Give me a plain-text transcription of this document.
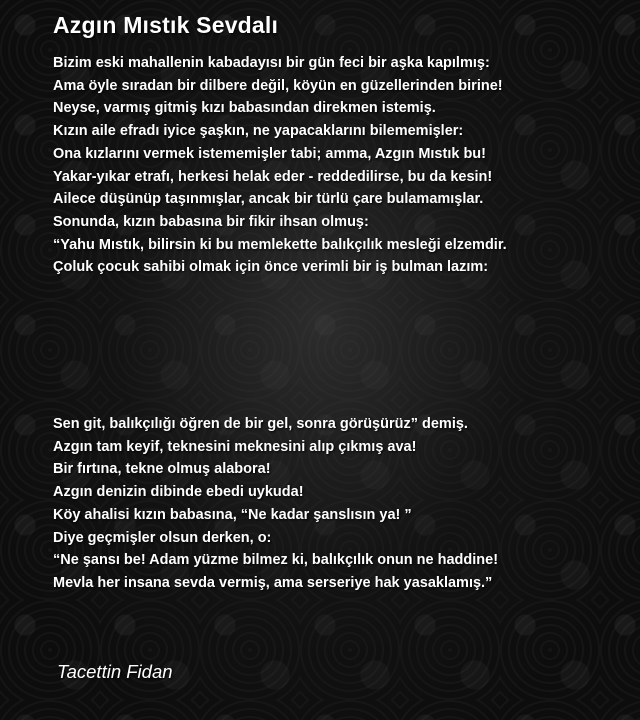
Azgın Mıstık Sevdalı
Bizim eski mahallenin kabadayısı bir gün feci bir aşka kapılmış:
Ama öyle sıradan bir dilbere değil, köyün en güzellerinden birine!
Neyse, varmış gitmiş kızı babasından direkmen istemiş.
Kızın aile efradı iyice şaşkın, ne yapacaklarını bilememişler:
Ona kızlarını vermek istememişler tabi; amma, Azgın Mıstık bu!
Yakar-yıkar etrafı, herkesi helak eder - reddedilirse, bu da kesin!
Ailece düşünüp taşınmışlar, ancak bir türlü çare bulamamışlar.
Sonunda, kızın babasına bir fikir ihsan olmuş:
“Yahu Mıstık, bilirsin ki bu memlekette balıkçılık mesleği elzemdir.
Çoluk çocuk sahibi olmak için önce verimli bir iş bulman lazım:
Sen git, balıkçılığı öğren de bir gel, sonra görüşürüz” demiş.
Azgın tam keyif, teknesini meknesini alıp çıkmış ava!
Bir fırtına, tekne olmuş alabora!
Azgın denizin dibinde ebedi uykuda!
Köy ahalisi kızın babasına, “Ne kadar şanslısın ya! ”
Diye geçmişler olsun derken, o:
“Ne şansı be! Adam yüzme bilmez ki, balıkçılık onun ne haddine!
Mevla her insana sevda vermiş, ama serseriye hak yasaklamış.”
Tacettin Fidan
